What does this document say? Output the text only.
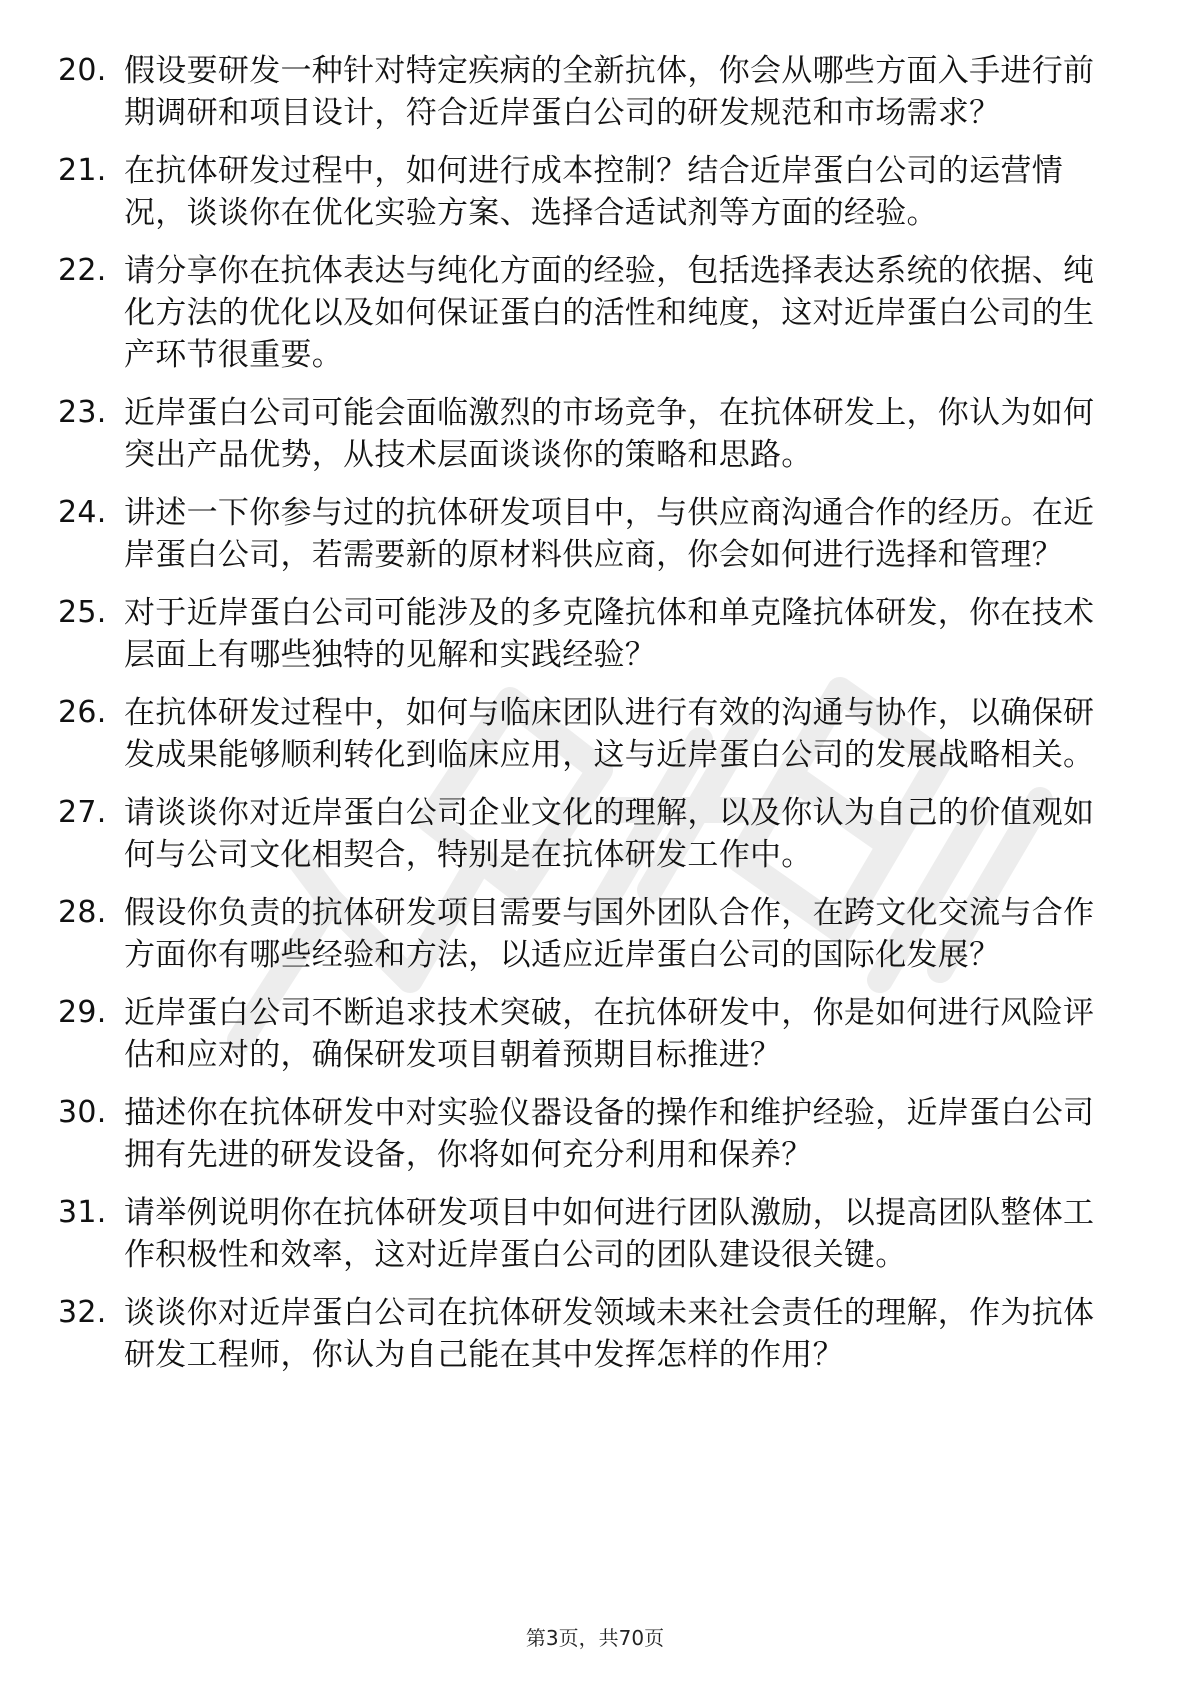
20. 假设要研发一种针对特定疾病的全新抗体，你会从哪些方面入手进行前期调研和项目设计，符合近岸蛋白公司的研发规范和市场需求？
21. 在抗体研发过程中，如何进行成本控制？结合近岸蛋白公司的运营情况，谈谈你在优化实验方案、选择合适试剂等方面的经验。
22. 请分享你在抗体表达与纯化方面的经验，包括选择表达系统的依据、纯化方法的优化以及如何保证蛋白的活性和纯度，这对近岸蛋白公司的生产环节很重要。
23. 近岸蛋白公司可能会面临激烈的市场竞争，在抗体研发上，你认为如何突出产品优势，从技术层面谈谈你的策略和思路。
24. 讲述一下你参与过的抗体研发项目中，与供应商沟通合作的经历。在近岸蛋白公司，若需要新的原材料供应商，你会如何进行选择和管理？
25. 对于近岸蛋白公司可能涉及的多克隆抗体和单克隆抗体研发，你在技术层面上有哪些独特的见解和实践经验？
26. 在抗体研发过程中，如何与临床团队进行有效的沟通与协作，以确保研发成果能够顺利转化到临床应用，这与近岸蛋白公司的发展战略相关。
27. 请谈谈你对近岸蛋白公司企业文化的理解，以及你认为自己的价值观如何与公司文化相契合，特别是在抗体研发工作中。
28. 假设你负责的抗体研发项目需要与国外团队合作，在跨文化交流与合作方面你有哪些经验和方法，以适应近岸蛋白公司的国际化发展？
29. 近岸蛋白公司不断追求技术突破，在抗体研发中，你是如何进行风险评估和应对的，确保研发项目朝着预期目标推进？
30. 描述你在抗体研发中对实验仪器设备的操作和维护经验，近岸蛋白公司拥有先进的研发设备，你将如何充分利用和保养？
31. 请举例说明你在抗体研发项目中如何进行团队激励，以提高团队整体工作积极性和效率，这对近岸蛋白公司的团队建设很关键。
32. 谈谈你对近岸蛋白公司在抗体研发领域未来社会责任的理解，作为抗体研发工程师，你认为自己能在其中发挥怎样的作用？
第3页，共70页
